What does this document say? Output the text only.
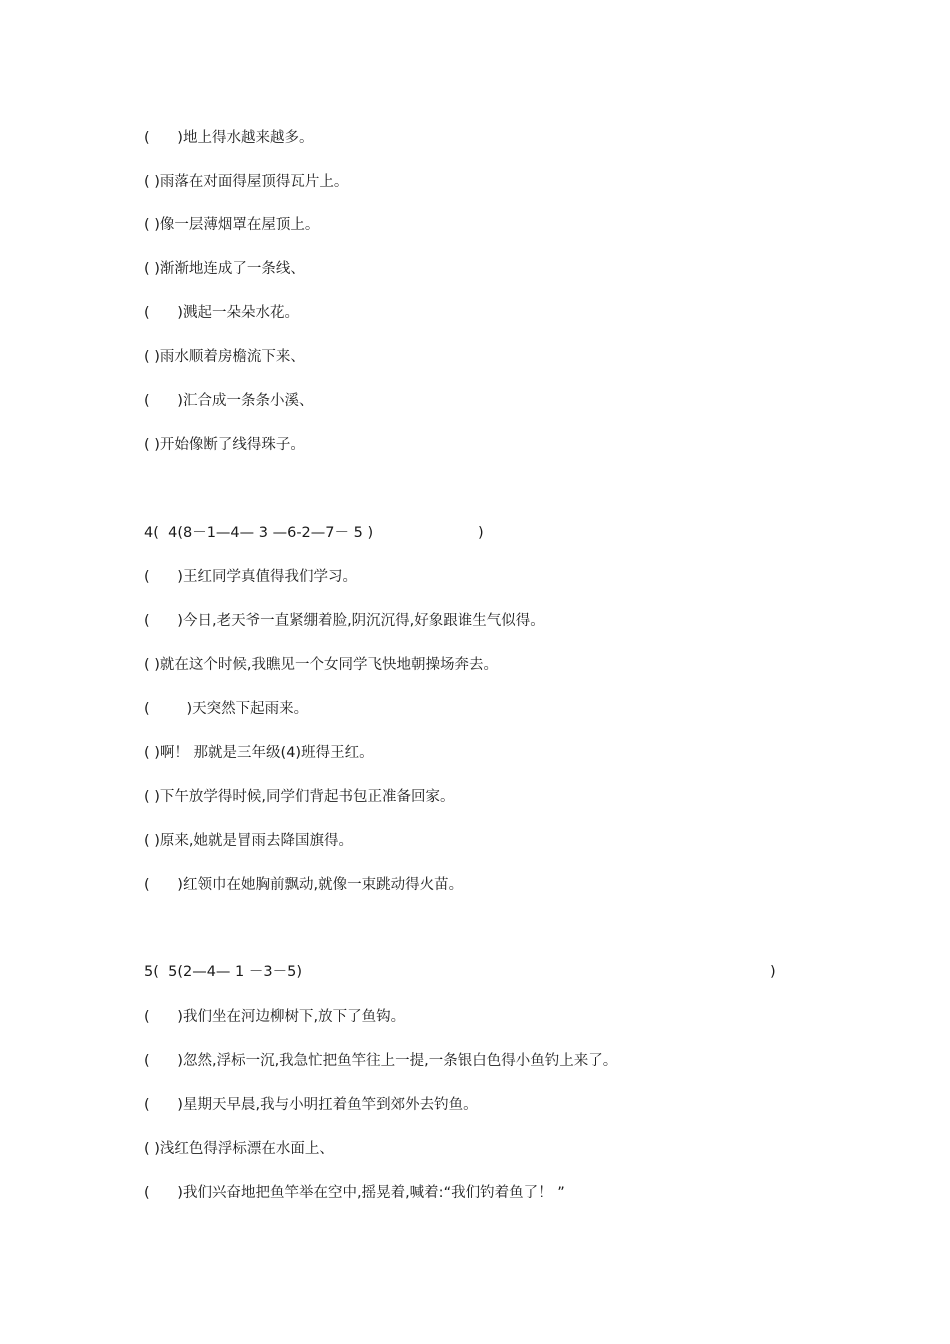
(      )地上得水越来越多。
( )雨落在对面得屋顶得瓦片上。
( )像一层薄烟罩在屋顶上。
( )渐渐地连成了一条线、
(      )溅起一朵朵水花。
( )雨水顺着房檐流下来、
(      )汇合成一条条小溪、
( )开始像断了线得珠子。
4(  4(8－1—4— 3 —6-2—7－ 5 )	)
(      )王红同学真值得我们学习。
(      )今日,老天爷一直紧绷着脸,阴沉沉得,好象跟谁生气似得。
( )就在这个时候,我瞧见一个女同学飞快地朝操场奔去。
(        )天突然下起雨来。
( )啊！ 那就是三年级(4)班得王红。
( )下午放学得时候,同学们背起书包正准备回家。
( )原来,她就是冒雨去降国旗得。
(      )红领巾在她胸前飘动,就像一束跳动得火苗。
5(  5(2—4— 1 －3－5)	)
(      )我们坐在河边柳树下,放下了鱼钩。
(      )忽然,浮标一沉,我急忙把鱼竿往上一提,一条银白色得小鱼钓上来了。
(      )星期天早晨,我与小明扛着鱼竿到郊外去钓鱼。
( )浅红色得浮标漂在水面上、
(      )我们兴奋地把鱼竿举在空中,摇晃着,喊着:“我们钓着鱼了！ ”
